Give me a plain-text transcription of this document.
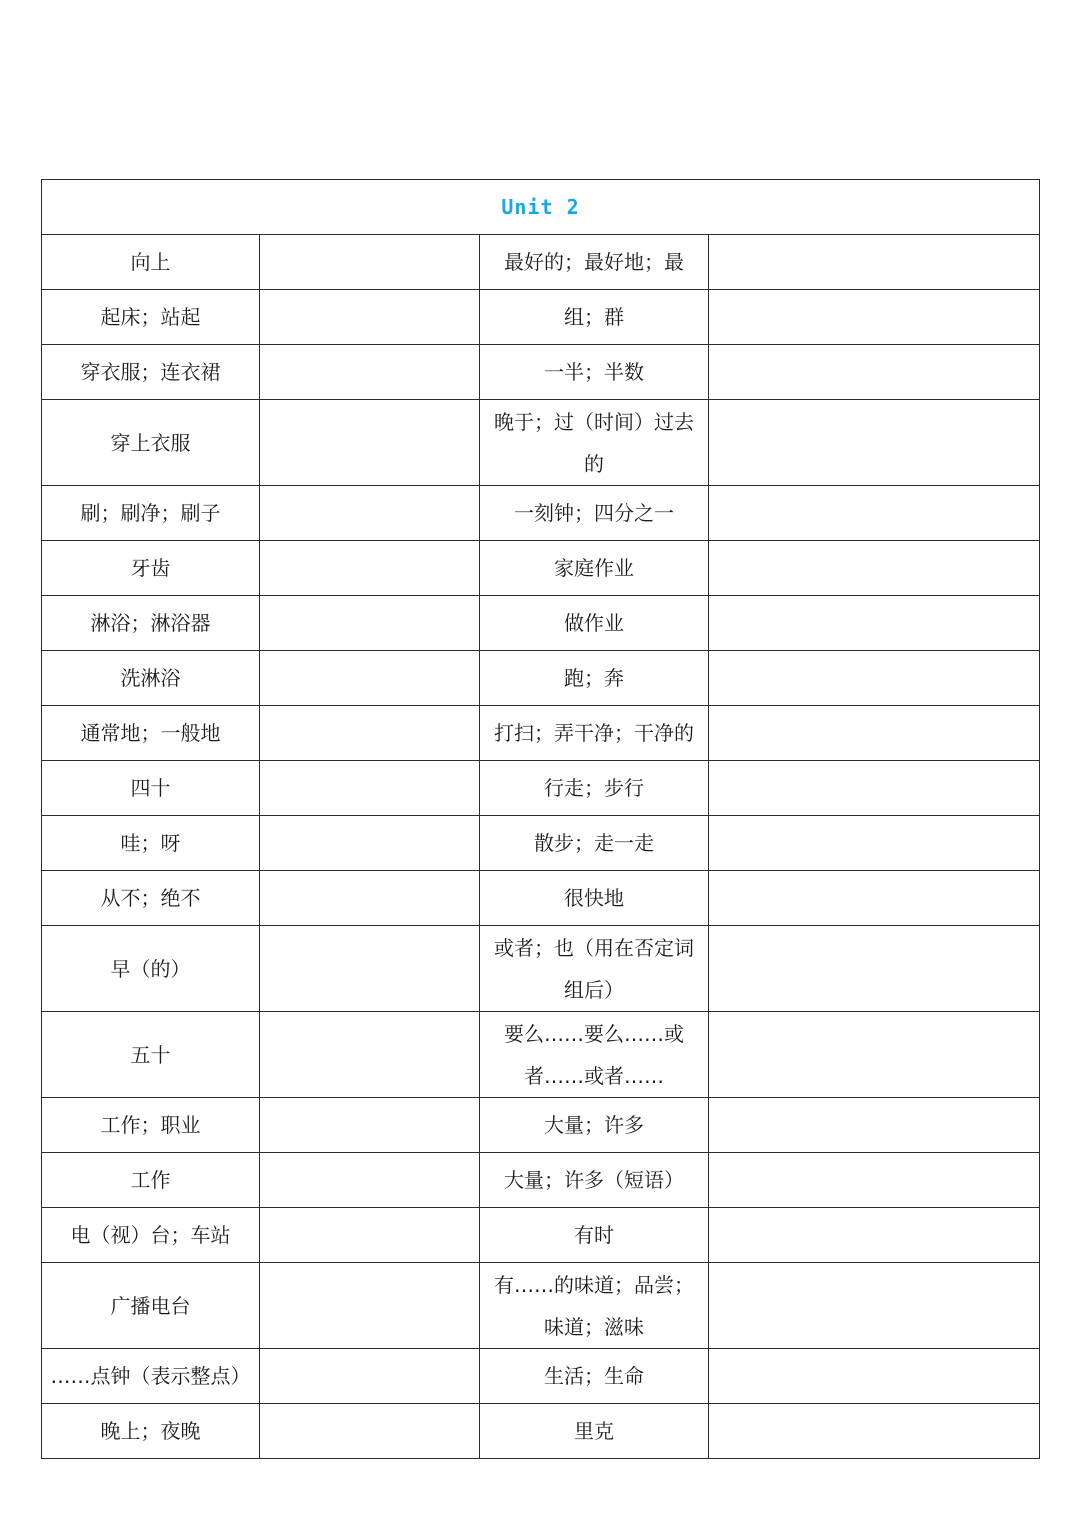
Unit 2			
向上		最好的；最好地；最	
起床；站起		组；群	
穿衣服；连衣裙		一半；半数	
穿上衣服		晚于；过（时间）过去的	
刷；刷净；刷子		一刻钟；四分之一	
牙齿		家庭作业	
淋浴；淋浴器		做作业	
洗淋浴		跑；奔	
通常地；一般地		打扫；弄干净；干净的	
四十		行走；步行	
哇；呀		散步；走一走	
从不；绝不		很快地	
早（的）		或者；也（用在否定词组后）	
五十		要么……要么……或者……或者……	
工作；职业		大量；许多	
工作		大量；许多（短语）	
电（视）台；车站		有时	
广播电台		有……的味道；品尝；味道；滋味	
……点钟（表示整点）		生活；生命	
晚上；夜晚		里克	
